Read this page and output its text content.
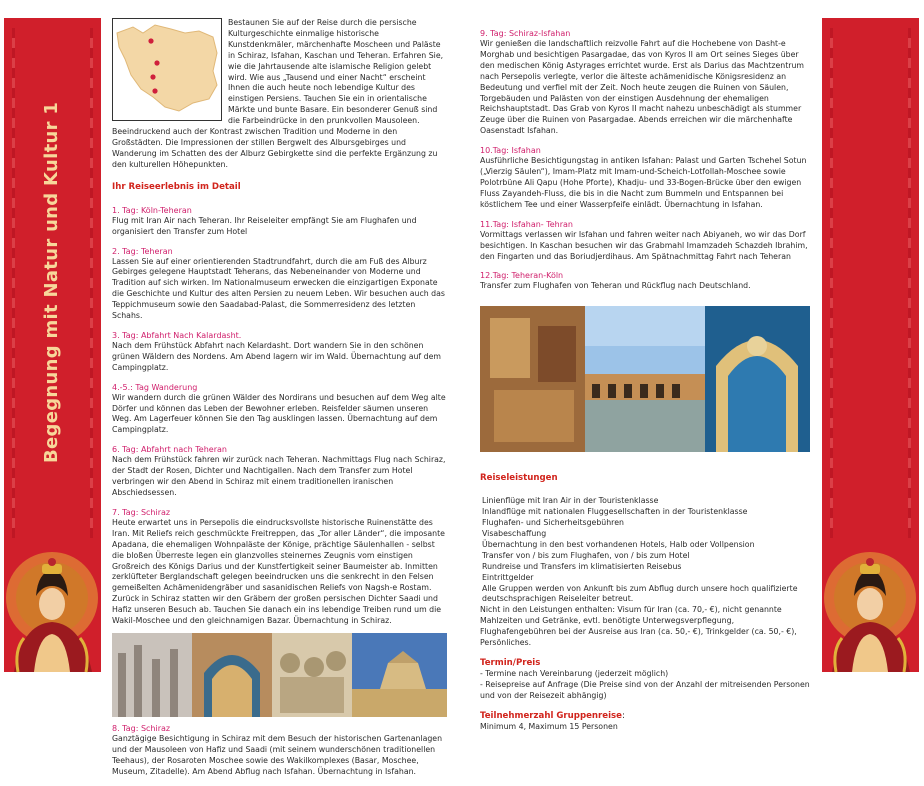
Begegnung mit Natur und Kultur 1
Bestaunen Sie auf der Reise durch die persische Kulturgeschichte einmalige historische Kunstdenkmäler, märchenhafte Moscheen und Paläste in Schiraz, Isfahan, Kaschan und Teheran. Erfahren Sie, wie die Jahrtausende alte islamische Religion gelebt wird. Wie aus „Tausend und einer Nacht“ erscheint Ihnen die auch heute noch lebendige Kultur des einstigen Persiens. Tauchen Sie ein in orientalische Märkte und bunte Basare. Ein besonderer Genuß sind die Farbeindrücke in den prunkvollen Mausoleen. Beeindruckend auch der Kontrast zwischen Tradition und Moderne in den Großstädten. Die Impressionen der stillen Bergwelt des Albursgebirges und Wanderung im Schatten des der Alburz Gebirgkette sind die perfekte Ergänzung zu den kulturellen Höhepunkten.
Ihr Reiseerlebnis im Detail
1. Tag: Köln-Teheran
Flug mit Iran Air nach Teheran. Ihr Reiseleiter empfängt Sie am Flughafen und organisiert den Transfer zum Hotel
2. Tag: Teheran
Lassen Sie auf einer orientierenden Stadtrundfahrt, durch die am Fuß des Alburz Gebirges gelegene Hauptstadt Teherans, das Nebeneinander von Moderne und Tradition auf sich wirken. Im Nationalmuseum erwecken die einzigartigen Exponate die Geschichte und Kultur des alten Persien zu neuem Leben. Wir besuchen auch das Teppichmuseum sowie den Saadabad-Palast, die Sommerresidenz des letzten Schahs.
3. Tag: Abfahrt Nach Kalardasht.
Nach dem Frühstück Abfahrt nach Kelardasht. Dort wandern Sie in den schönen grünen Wäldern des Nordens. Am Abend lagern wir im Wald. Übernachtung auf dem Campingplatz.
4.-5.: Tag Wanderung
Wir wandern durch die grünen Wälder des Nordirans und besuchen auf dem Weg alte Dörfer und können das Leben der Bewohner erleben. Reisfelder säumen unseren Weg. Am Lagerfeuer können Sie den Tag ausklingen lassen. Übernachtung auf dem Campingplatz.
6. Tag: Abfahrt nach Teheran
Nach dem Frühstück fahren wir zurück nach Teheran. Nachmittags Flug nach Schiraz, der Stadt der Rosen, Dichter und Nachtigallen. Nach dem Transfer zum Hotel verbringen wir den Abend in Schiraz mit einem traditionellen iranischen Abschiedsessen.
7. Tag: Schiraz
Heute erwartet uns in Persepolis die eindrucksvollste historische Ruinenstätte des Iran. Mit Reliefs reich geschmückte Freitreppen, das „Tor aller Länder“, die imposante Apadana, die ehemaligen Wohnpaläste der Könige, prächtige Säulenhallen - selbst die bloßen Überreste legen ein glanzvolles steinernes Zeugnis vom einstigen Großreich des Königs Darius und der Kunstfertigkeit seiner Baumeister ab. Inmitten zerklüfteter Berglandschaft gelegen beeindrucken uns die senkrecht in den Felsen gemeißelten Achämenidengräber und sasanidischen Reliefs von Nagsh-e Rostam. Zurück in Schiraz statten wir den Gräbern der großen persischen Dichter Saadi und Hafiz unseren Besuch ab. Tauchen Sie danach ein ins lebendige Treiben rund um die Wakil-Moschee und den gleichnamigen Bazar. Übernachtung in Schiraz.
8. Tag: Schiraz
Ganztägige Besichtigung in Schiraz mit dem Besuch der historischen Gartenanlagen und der Mausoleen von Hafiz und Saadi (mit seinem wunderschönen traditionellen Teehaus), der Rosaroten Moschee sowie des Wakilkomplexes (Basar, Moschee, Museum, Zitadelle). Am Abend Abflug nach Isfahan. Übernachtung in Isfahan.
9. Tag: Schiraz-Isfahan
Wir genießen die landschaftlich reizvolle Fahrt auf die Hochebene von Dasht-e Morghab und besichtigen Pasargadae, das von Kyros II am Ort seines Sieges über den medischen König Astyrages errichtet wurde. Erst als Darius das Machtzentrum nach Persepolis verlegte, verlor die älteste achämenidische Königsresidenz an Bedeutung und verfiel mit der Zeit. Noch heute zeugen die Ruinen von Säulen, Torgebäuden und Palästen von der einstigen Ausdehnung der ehemaligen Reichshauptstadt. Das Grab von Kyros II macht nahezu unbeschädigt als stummer Zeuge über die Ruinen von Pasargadae. Abends erreichen wir die märchenhafte Oasenstadt Isfahan.
10.Tag: Isfahan
Ausführliche Besichtigungstag in antiken Isfahan: Palast und Garten Tschehel Sotun („Vierzig Säulen“), Imam-Platz mit Imam-und-Scheich-Lotfollah-Moschee sowie Polotrbüne Ali Qapu (Hohe Pforte), Khadju- und 33-Bogen-Brücke über den ewigen Fluss Zayandeh-Fluss, die bis in die Nacht zum Bummeln und Entspannen bei köstlichem Tee und einer Wasserpfeife einlädt. Übernachtung in Isfahan.
11.Tag: Isfahan- Tehran
Vormittags verlassen wir Isfahan und fahren weiter nach Abiyaneh, wo wir das Dorf besichtigen. In Kaschan besuchen wir das Grabmahl Imamzadeh Schazdeh Ibrahim, den Fingarten und das Boriudjerdihaus. Am Spätnachmittag Fahrt nach Teheran
12.Tag: Teheran-Köln
Transfer zum Flughafen von Teheran und Rückflug nach Deutschland.
Reiseleistungen
Linienflüge mit Iran Air in der Touristenklasse
Inlandflüge mit nationalen Fluggesellschaften in der Touristenklasse
Flughafen- und Sicherheitsgebühren
Visabeschaffung
Übernachtung in den best vorhandenen Hotels, Halb oder Vollpension
Transfer von / bis zum Flughafen, von / bis zum Hotel
Rundreise und Transfers im klimatisierten Reisebus
Eintrittgelder
Alle Gruppen werden von Ankunft bis zum Abflug durch unsere hoch qualifizierte
deutschsprachigen Reiseleiter betreut.
Nicht in den Leistungen enthalten: Visum für Iran (ca. 70,- €), nicht genannte Mahlzeiten und Getränke, evtl. benötigte Unterwegsverpflegung, Flughafengebühren bei der Ausreise aus Iran (ca. 50,- €), Trinkgelder (ca. 50,- €), Persönliches.
Termin/Preis
- Termine nach Vereinbarung (jederzeit möglich)
- Reisepreise auf Anfrage (Die Preise sind von der Anzahl der mitreisenden Personen und von der Reisezeit abhängig)
Teilnehmerzahl Gruppenreise:
Minimum 4, Maximum 15 Personen
